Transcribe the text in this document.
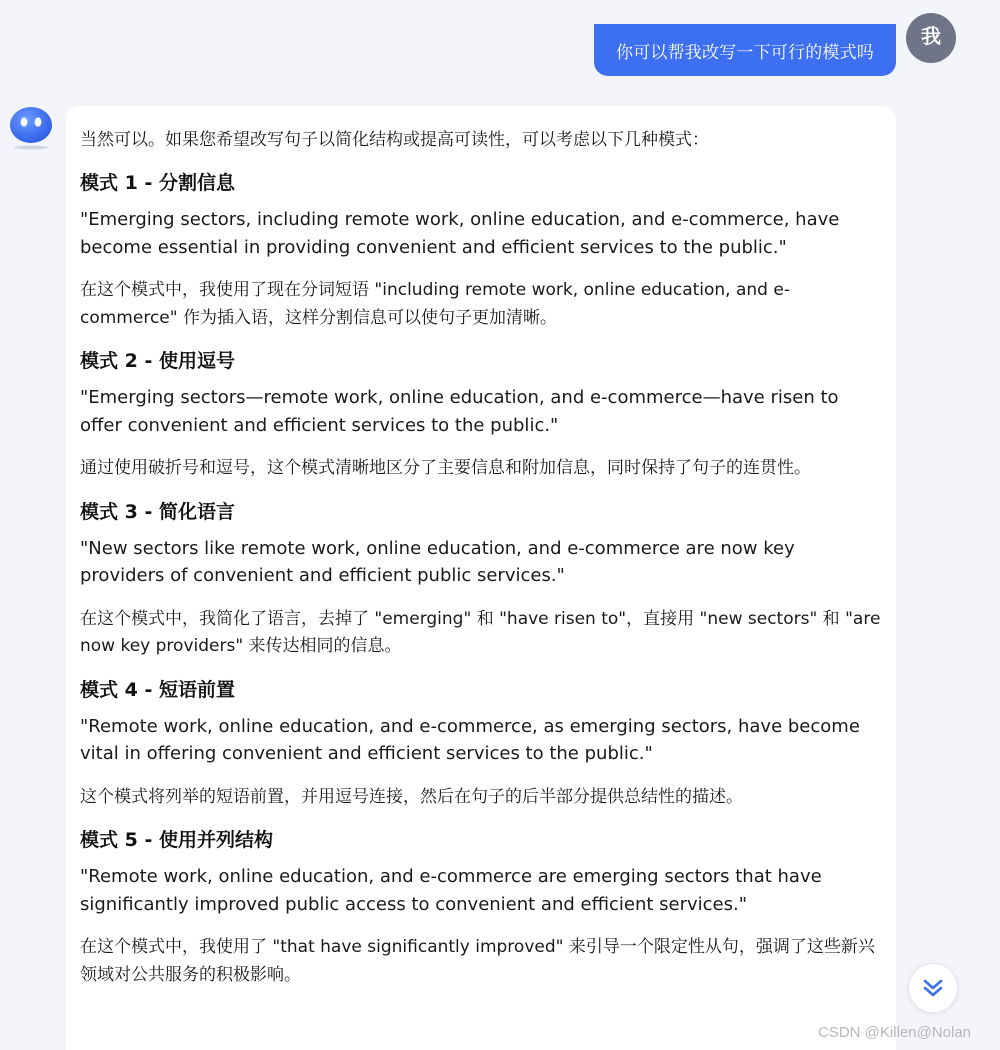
你可以帮我改写一下可行的模式吗
我

当然可以。如果您希望改写句子以简化结构或提高可读性，可以考虑以下几种模式：

模式 1 - 分割信息

"Emerging sectors, including remote work, online education, and e-commerce, have become essential in providing convenient and efficient services to the public."

在这个模式中，我使用了现在分词短语 "including remote work, online education, and e-commerce" 作为插入语，这样分割信息可以使句子更加清晰。

模式 2 - 使用逗号

"Emerging sectors—remote work, online education, and e-commerce—have risen to offer convenient and efficient services to the public."

通过使用破折号和逗号，这个模式清晰地区分了主要信息和附加信息，同时保持了句子的连贯性。

模式 3 - 简化语言

"New sectors like remote work, online education, and e-commerce are now key providers of convenient and efficient public services."

在这个模式中，我简化了语言，去掉了 "emerging" 和 "have risen to"，直接用 "new sectors" 和 "are now key providers" 来传达相同的信息。

模式 4 - 短语前置

"Remote work, online education, and e-commerce, as emerging sectors, have become vital in offering convenient and efficient services to the public."

这个模式将列举的短语前置，并用逗号连接，然后在句子的后半部分提供总结性的描述。

模式 5 - 使用并列结构

"Remote work, online education, and e-commerce are emerging sectors that have significantly improved public access to convenient and efficient services."

在这个模式中，我使用了 "that have significantly improved" 来引导一个限定性从句，强调了这些新兴领域对公共服务的积极影响。

CSDN @Killen@Nolan
